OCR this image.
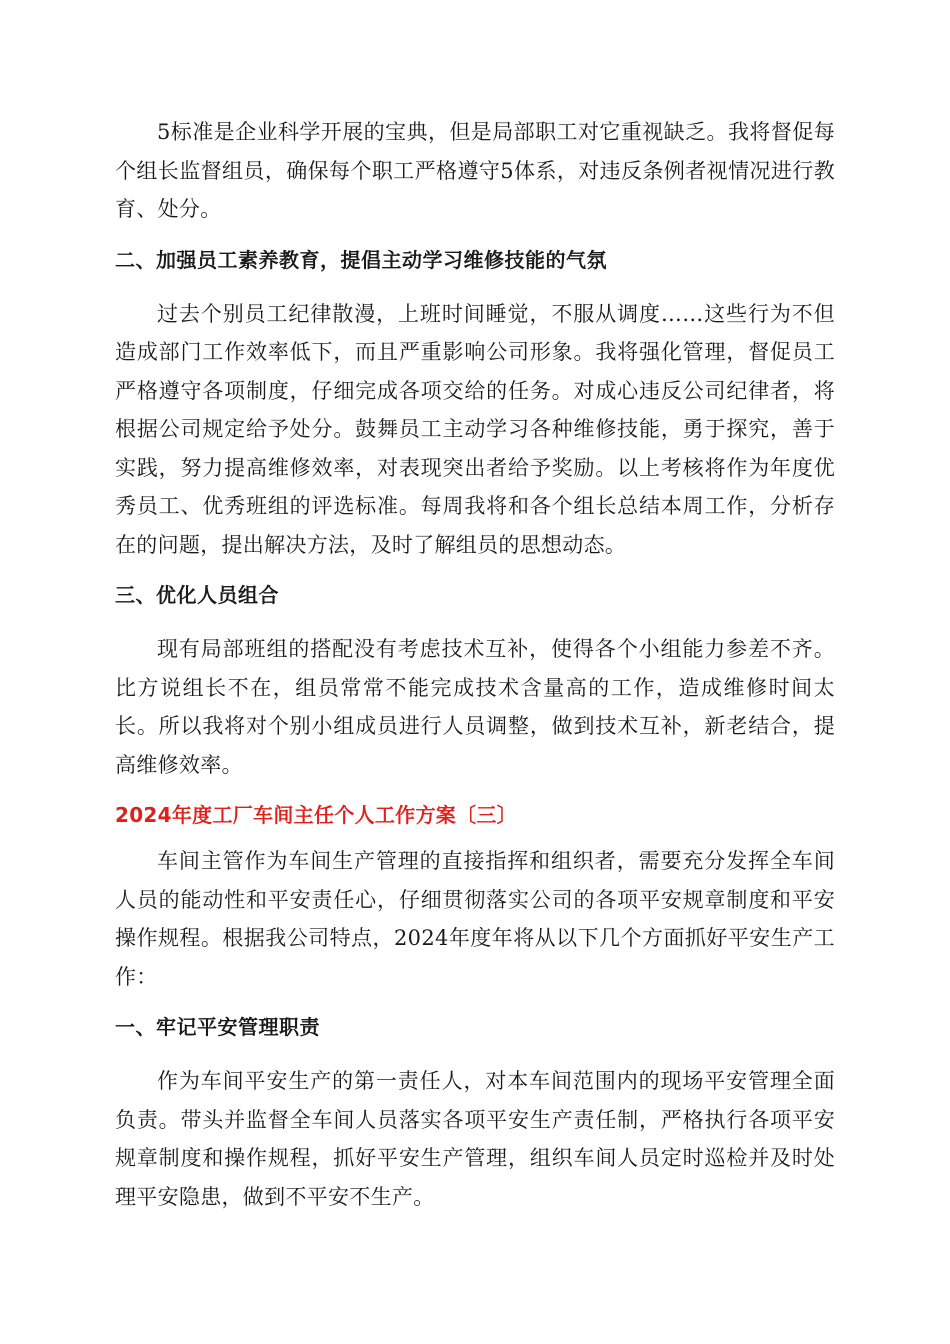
5标准是企业科学开展的宝典，但是局部职工对它重视缺乏。我将督促每个组长监督组员，确保每个职工严格遵守5体系，对违反条例者视情况进行教育、处分。

二、加强员工素养教育，提倡主动学习维修技能的气氛

过去个别员工纪律散漫，上班时间睡觉，不服从调度……这些行为不但造成部门工作效率低下，而且严重影响公司形象。我将强化管理，督促员工严格遵守各项制度，仔细完成各项交给的任务。对成心违反公司纪律者，将根据公司规定给予处分。鼓舞员工主动学习各种维修技能，勇于探究，善于实践，努力提高维修效率，对表现突出者给予奖励。以上考核将作为年度优秀员工、优秀班组的评选标准。每周我将和各个组长总结本周工作，分析存在的问题，提出解决方法，及时了解组员的思想动态。

三、优化人员组合

现有局部班组的搭配没有考虑技术互补，使得各个小组能力参差不齐。比方说组长不在，组员常常不能完成技术含量高的工作，造成维修时间太长。所以我将对个别小组成员进行人员调整，做到技术互补，新老结合，提高维修效率。

2024年度工厂车间主任个人工作方案〔三〕

车间主管作为车间生产管理的直接指挥和组织者，需要充分发挥全车间人员的能动性和平安责任心，仔细贯彻落实公司的各项平安规章制度和平安操作规程。根据我公司特点，2024年度年将从以下几个方面抓好平安生产工作：

一、牢记平安管理职责

作为车间平安生产的第一责任人，对本车间范围内的现场平安管理全面负责。带头并监督全车间人员落实各项平安生产责任制，严格执行各项平安规章制度和操作规程，抓好平安生产管理，组织车间人员定时巡检并及时处理平安隐患，做到不平安不生产。
